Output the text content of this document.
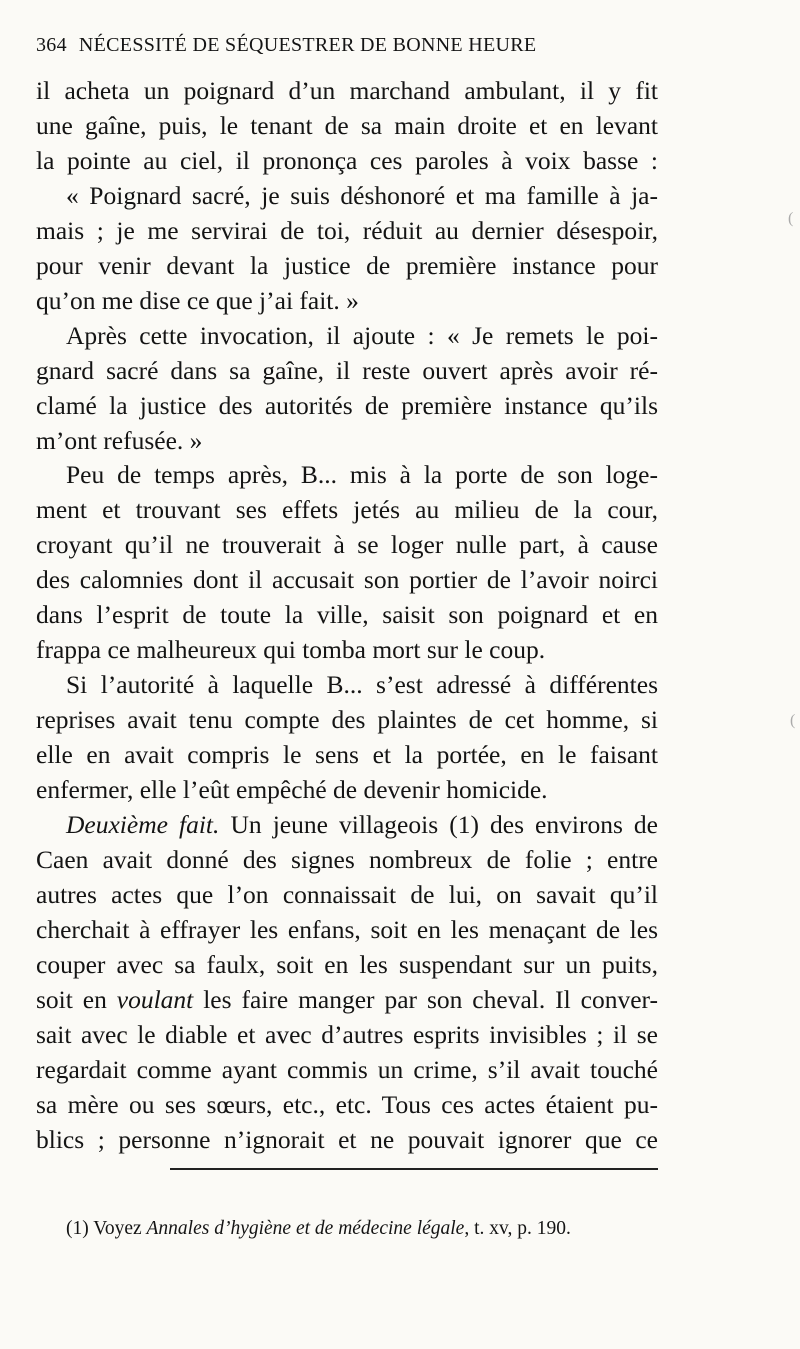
364 NÉCESSITÉ DE SÉQUESTRER DE BONNE HEURE
il acheta un poignard d’un marchand ambulant, il y fit
une gaîne, puis, le tenant de sa main droite et en levant
la pointe au ciel, il prononça ces paroles à voix basse :
« Poignard sacré, je suis déshonoré et ma famille à ja-
mais ; je me servirai de toi, réduit au dernier désespoir,
pour venir devant la justice de première instance pour
qu’on me dise ce que j’ai fait. »
Après cette invocation, il ajoute : « Je remets le poi-
gnard sacré dans sa gaîne, il reste ouvert après avoir ré-
clamé la justice des autorités de première instance qu’ils
m’ont refusée. »
Peu de temps après, B... mis à la porte de son loge-
ment et trouvant ses effets jetés au milieu de la cour,
croyant qu’il ne trouverait à se loger nulle part, à cause
des calomnies dont il accusait son portier de l’avoir noirci
dans l’esprit de toute la ville, saisit son poignard et en
frappa ce malheureux qui tomba mort sur le coup.
Si l’autorité à laquelle B... s’est adressé à différentes
reprises avait tenu compte des plaintes de cet homme, si
elle en avait compris le sens et la portée, en le faisant
enfermer, elle l’eût empêché de devenir homicide.
Deuxième fait. Un jeune villageois (1) des environs de
Caen avait donné des signes nombreux de folie ; entre
autres actes que l’on connaissait de lui, on savait qu’il
cherchait à effrayer les enfans, soit en les menaçant de les
couper avec sa faulx, soit en les suspendant sur un puits,
soit en voulant les faire manger par son cheval. Il conver-
sait avec le diable et avec d’autres esprits invisibles ; il se
regardait comme ayant commis un crime, s’il avait touché
sa mère ou ses sœurs, etc., etc. Tous ces actes étaient pu-
blics ; personne n’ignorait et ne pouvait ignorer que ce
(1) Voyez Annales d’hygiène et de médecine légale, t. xv, p. 190.
(
(
